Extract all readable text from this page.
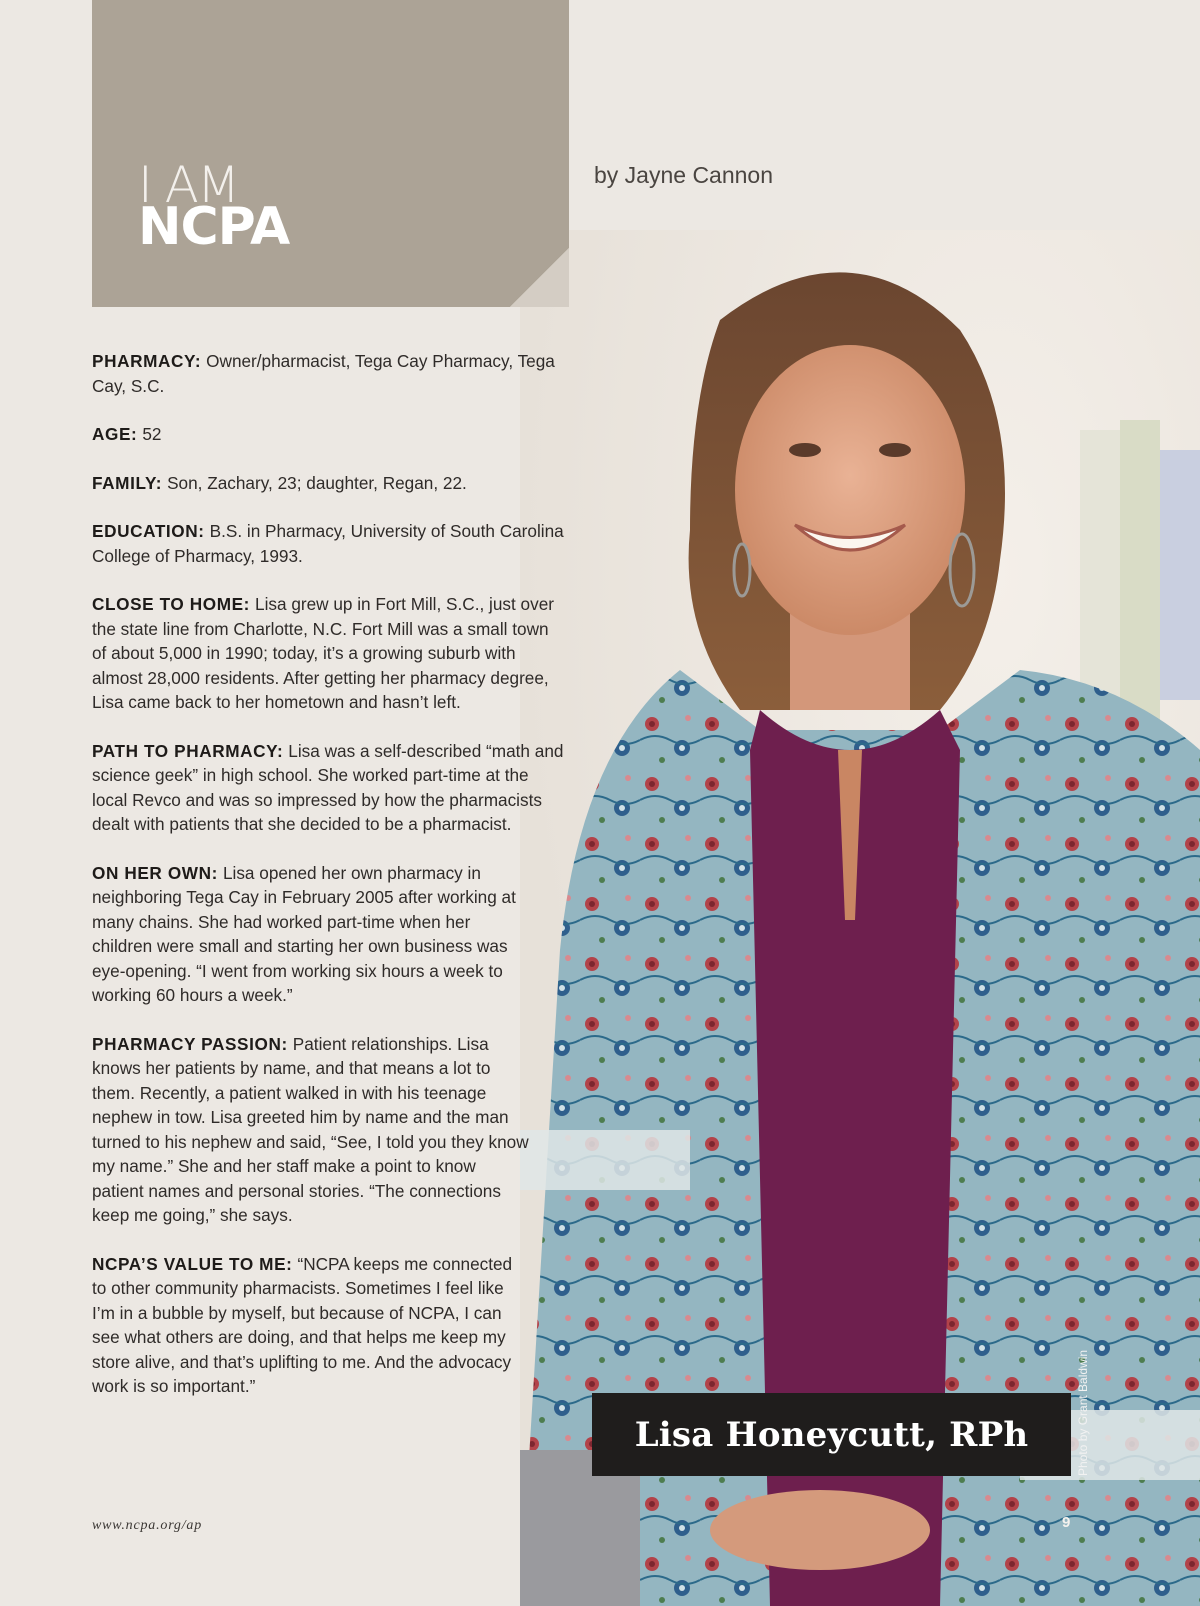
I AM
NCPA
by Jayne Cannon

PHARMACY: Owner/pharmacist, Tega Cay Pharmacy, Tega Cay, S.C.

AGE: 52

FAMILY: Son, Zachary, 23; daughter, Regan, 22.

EDUCATION: B.S. in Pharmacy, University of South Carolina College of Pharmacy, 1993.

CLOSE TO HOME: Lisa grew up in Fort Mill, S.C., just over the state line from Charlotte, N.C. Fort Mill was a small town of about 5,000 in 1990; today, it’s a growing suburb with almost 28,000 residents. After getting her pharmacy degree, Lisa came back to her hometown and hasn’t left.

PATH TO PHARMACY: Lisa was a self-described “math and science geek” in high school. She worked part-time at the local Revco and was so impressed by how the pharmacists dealt with patients that she decided to be a pharmacist.

ON HER OWN: Lisa opened her own pharmacy in neighboring Tega Cay in February 2005 after working at many chains. She had worked part-time when her children were small and starting her own business was eye-opening. “I went from working six hours a week to working 60 hours a week.”

PHARMACY PASSION: Patient relationships. Lisa knows her patients by name, and that means a lot to them. Recently, a patient walked in with his teenage nephew in tow. Lisa greeted him by name and the man turned to his nephew and said, “See, I told you they know my name.” She and her staff make a point to know patient names and personal stories. “The connections keep me going,” she says.

NCPA’S VALUE TO ME: “NCPA keeps me connected to other community pharmacists. Sometimes I feel like I’m in a bubble by myself, but because of NCPA, I can see what others are doing, and that helps me keep my store alive, and that’s uplifting to me. And the advocacy work is so important.”

Lisa Honeycutt, RPh	Photo by Grant Baldwin
www.ncpa.org/ap	9
